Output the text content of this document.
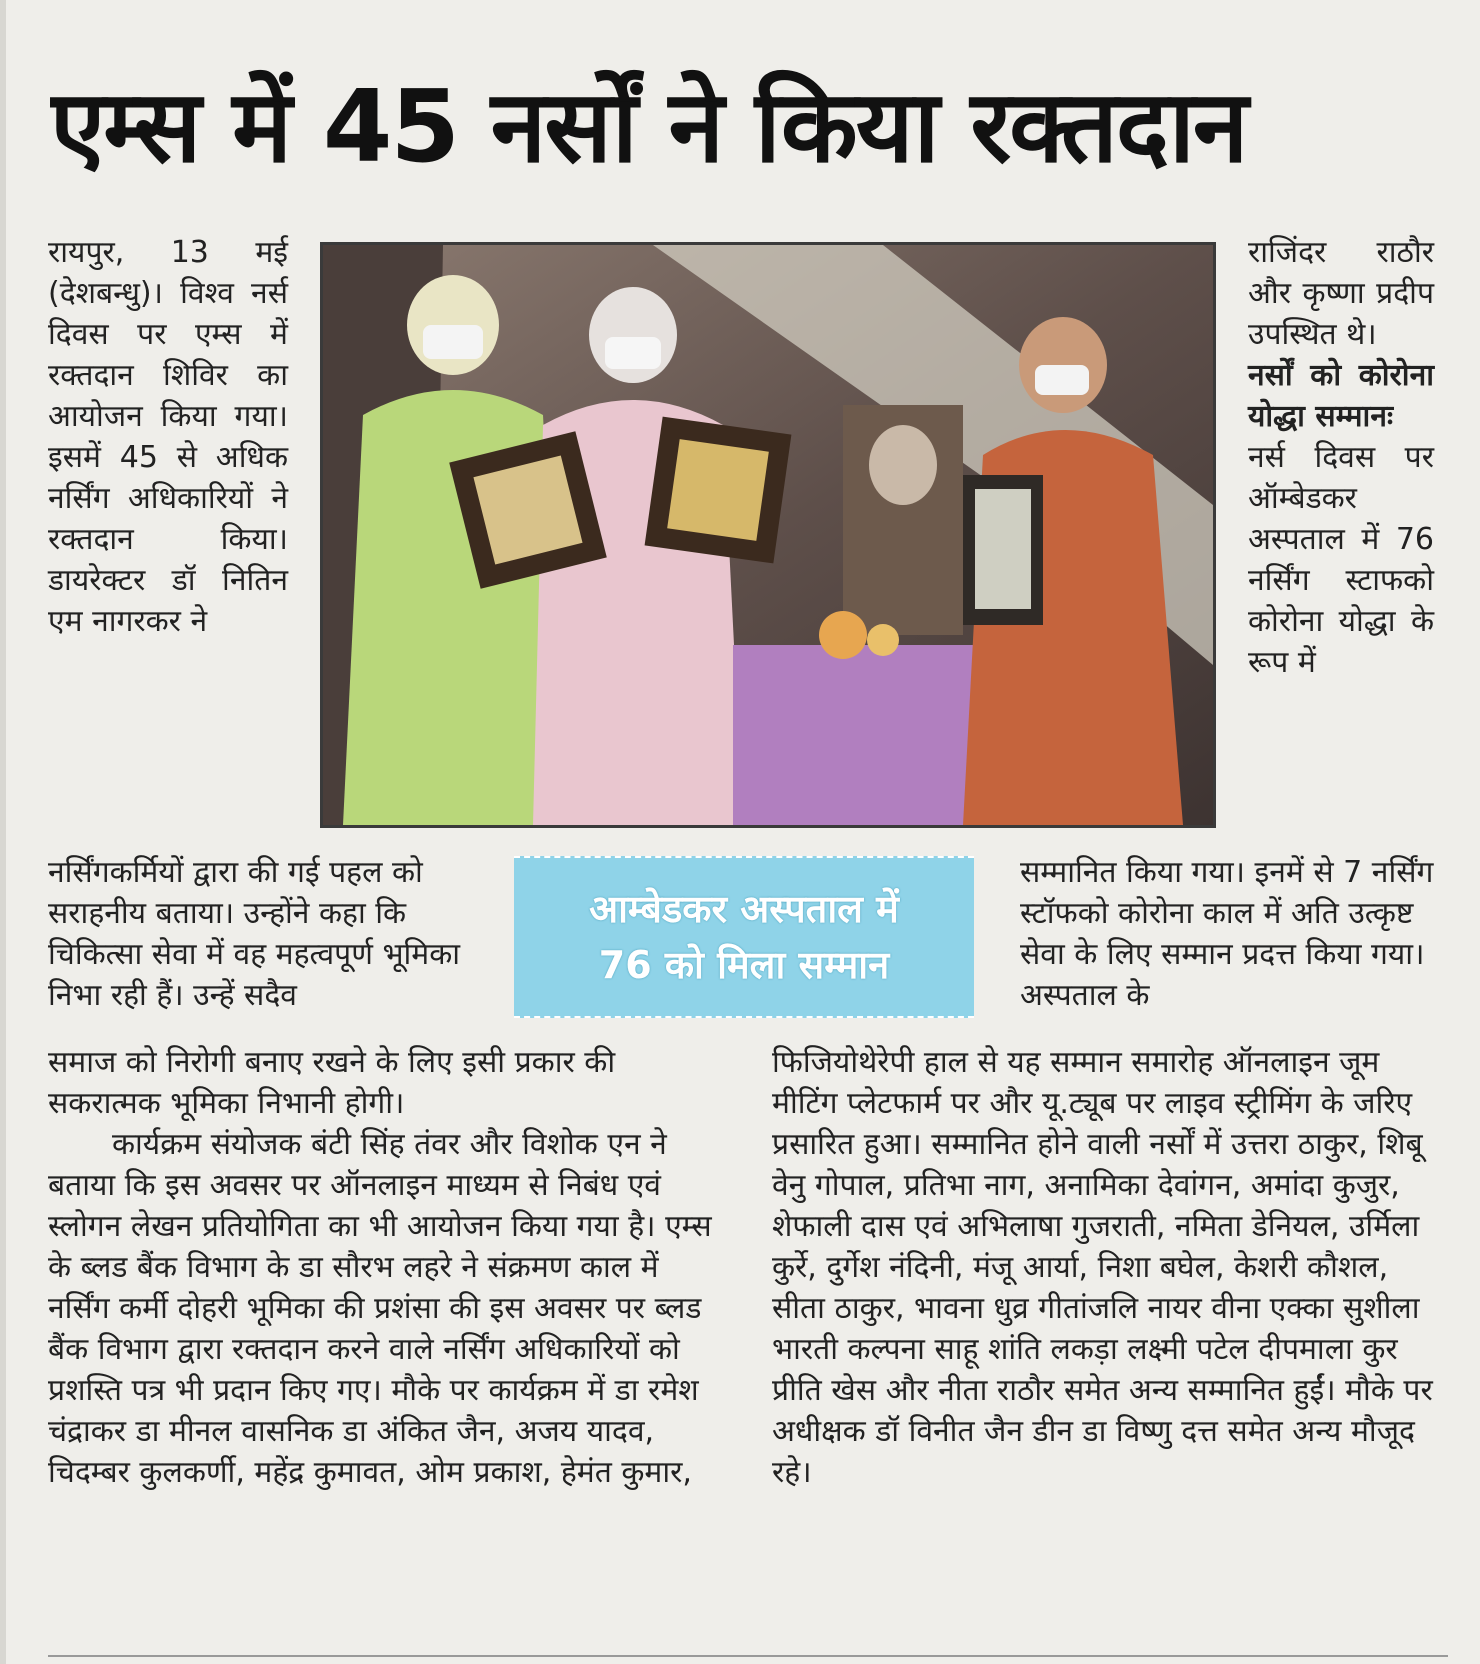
एम्स में 45 नर्सों ने किया रक्तदान

रायपुर, 13 मई (देशबन्धु)। विश्व नर्स दिवस पर एम्स में रक्तदान शिविर का आयोजन किया गया। इसमें 45 से अधिक नर्सिंग अधिकारियों ने रक्तदान किया। डायरेक्टर डॉ नितिन एम नागरकर ने

राजिंदर राठौर और कृष्णा प्रदीप उपस्थित थे।

नर्सों को कोरोना योद्धा सम्मानः

नर्स दिवस पर ऑम्बेडकर अस्पताल में 76 नर्सिंग स्टाफको कोरोना योद्धा के रूप में

नर्सिंगकर्मियों द्वारा की गई पहल को सराहनीय बताया। उन्होंने कहा कि चिकित्सा सेवा में वह महत्वपूर्ण भूमिका निभा रही हैं। उन्हें सदैव

आम्बेडकर अस्पताल में
76 को मिला सम्मान

सम्मानित किया गया। इनमें से 7 नर्सिंग स्टॉफको कोरोना काल में अति उत्कृष्ट सेवा के लिए सम्मान प्रदत्त किया गया। अस्पताल के

समाज को निरोगी बनाए रखने के लिए इसी प्रकार की सकरात्मक भूमिका निभानी होगी।

कार्यक्रम संयोजक बंटी सिंह तंवर और विशोक एन ने बताया कि इस अवसर पर ऑनलाइन माध्यम से निबंध एवं स्लोगन लेखन प्रतियोगिता का भी आयोजन किया गया है। एम्स के ब्लड बैंक विभाग के डा सौरभ लहरे ने संक्रमण काल में नर्सिंग कर्मी दोहरी भूमिका की प्रशंसा की इस अवसर पर ब्लड बैंक विभाग द्वारा रक्तदान करने वाले नर्सिंग अधिकारियों को प्रशस्ति पत्र भी प्रदान किए गए। मौके पर कार्यक्रम में डा रमेश चंद्राकर डा मीनल वासनिक डा अंकित जैन, अजय यादव, चिदम्बर कुलकर्णी, महेंद्र कुमावत, ओम प्रकाश, हेमंत कुमार,

फिजियोथेरेपी हाल से यह सम्मान समारोह ऑनलाइन जूम मीटिंग प्लेटफार्म पर और यू.ट्यूब पर लाइव स्ट्रीमिंग के जरिए प्रसारित हुआ। सम्मानित होने वाली नर्सों में उत्तरा ठाकुर, शिबू वेनु गोपाल, प्रतिभा नाग, अनामिका देवांगन, अमांदा कुजुर, शेफाली दास एवं अभिलाषा गुजराती, नमिता डेनियल, उर्मिला कुर्रे, दुर्गेश नंदिनी, मंजू आर्या, निशा बघेल, केशरी कौशल, सीता ठाकुर, भावना धुव्र गीतांजलि नायर वीना एक्का सुशीला भारती कल्पना साहू शांति लकड़ा लक्ष्मी पटेल दीपमाला कुर प्रीति खेस और नीता राठौर समेत अन्य सम्मानित हुईं। मौके पर अधीक्षक डॉ विनीत जैन डीन डा विष्णु दत्त समेत अन्य मौजूद रहे।
